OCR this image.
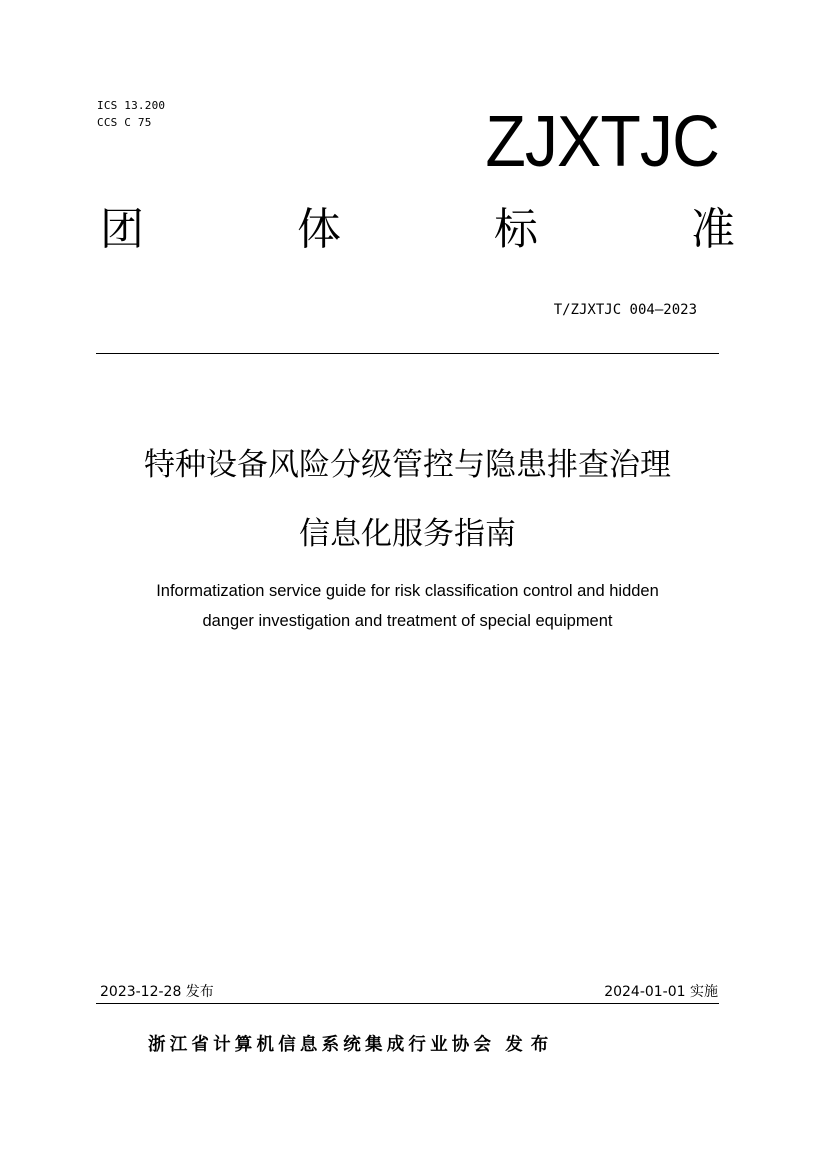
ICS 13.200
CCS C 75	ZJXTJC
团	体	标	准
T/ZJXTJC 004—2023
特种设备风险分级管控与隐患排查治理
信息化服务指南
Informatization service guide for risk classification control and hidden
danger investigation and treatment of special equipment
2023-12-28 发布	2024-01-01 实施
浙江省计算机信息系统集成行业协会 发布
